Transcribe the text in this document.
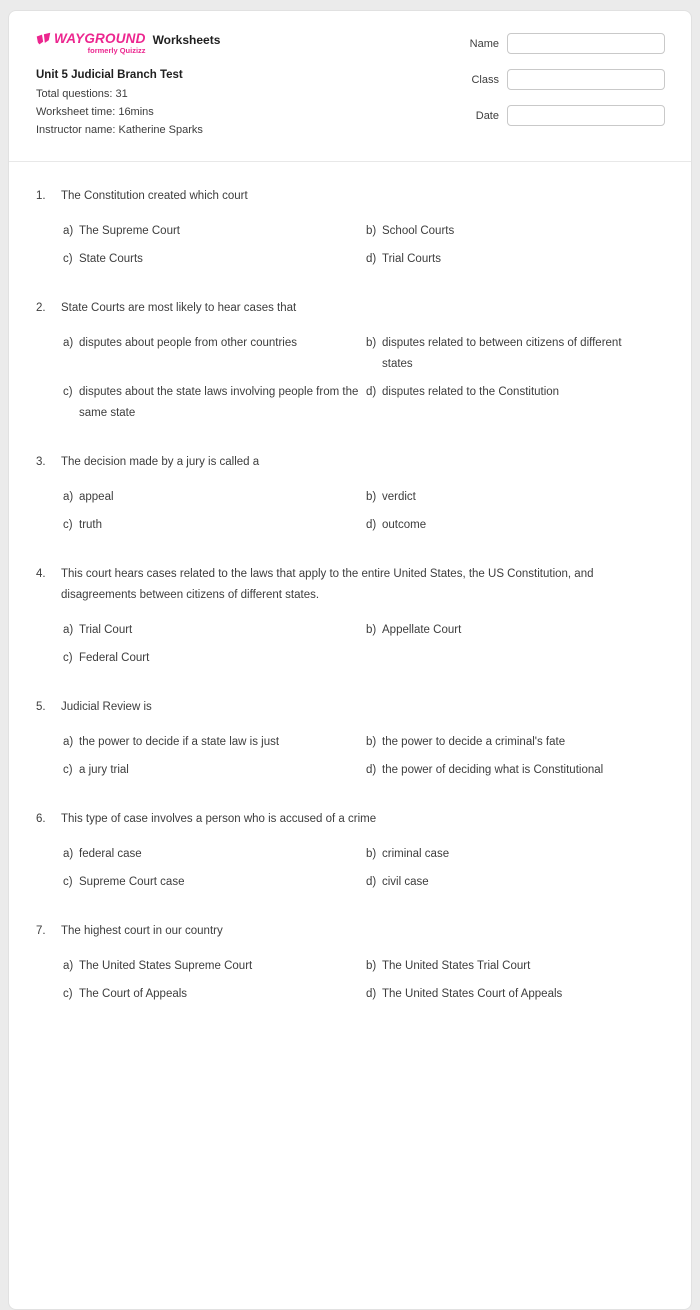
WAYGROUND
formerly Quizizz
Worksheets
Unit 5 Judicial Branch Test
Total questions: 31
Worksheet time: 16mins
Instructor name: Katherine Sparks
Name
Class
Date
1.	The Constitution created which court
a) The Supreme Court	b) School Courts
c) State Courts	d) Trial Courts
2.	State Courts are most likely to hear cases that
a) disputes about people from other countries	b) disputes related to between citizens of different states
c) disputes about the state laws involving people from the same state
d) disputes related to the Constitution
3.	The decision made by a jury is called a
a) appeal	b) verdict
c) truth	d) outcome
4.	This court hears cases related to the laws that apply to the entire United States, the US Constitution, and disagreements between citizens of different states.
a) Trial Court	b) Appellate Court
c) Federal Court
5.	Judicial Review is
a) the power to decide if a state law is just	b) the power to decide a criminal's fate
c) a jury trial	d) the power of deciding what is Constitutional
6.	This type of case involves a person who is accused of a crime
a) federal case	b) criminal case
c) Supreme Court case	d) civil case
7.	The highest court in our country
a) The United States Supreme Court	b) The United States Trial Court
c) The Court of Appeals	d) The United States Court of Appeals
